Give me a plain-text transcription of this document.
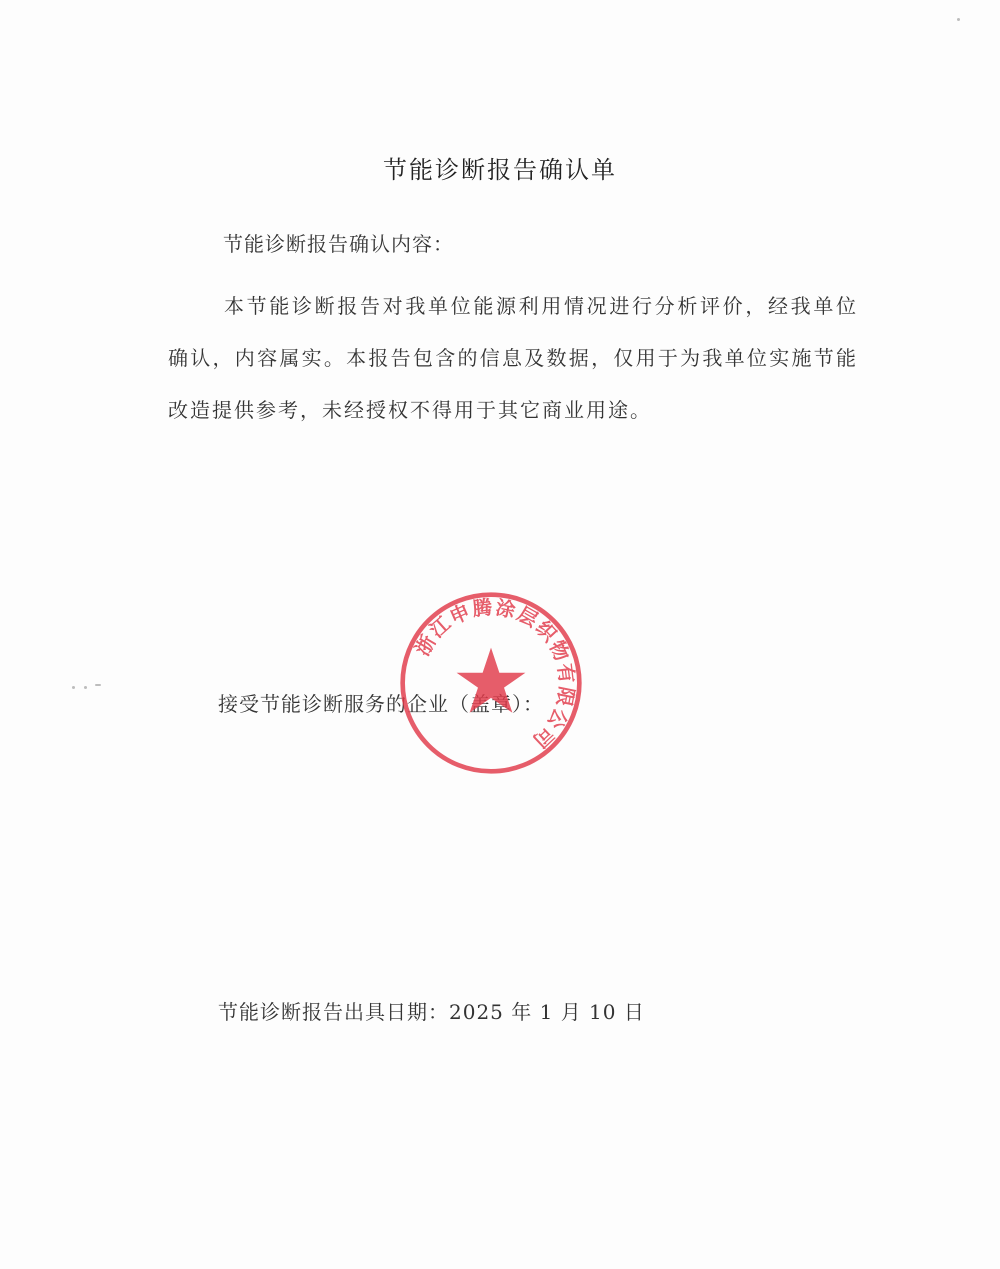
节能诊断报告确认单
节能诊断报告确认内容：

本节能诊断报告对我单位能源利用情况进行分析评价，经我单位确认，内容属实。本报告包含的信息及数据，仅用于为我单位实施节能改造提供参考，未经授权不得用于其它商业用途。

接受节能诊断服务的企业（盖章）：
浙江申腾涂层织物有限公司
节能诊断报告出具日期：2025 年 1 月 10 日
